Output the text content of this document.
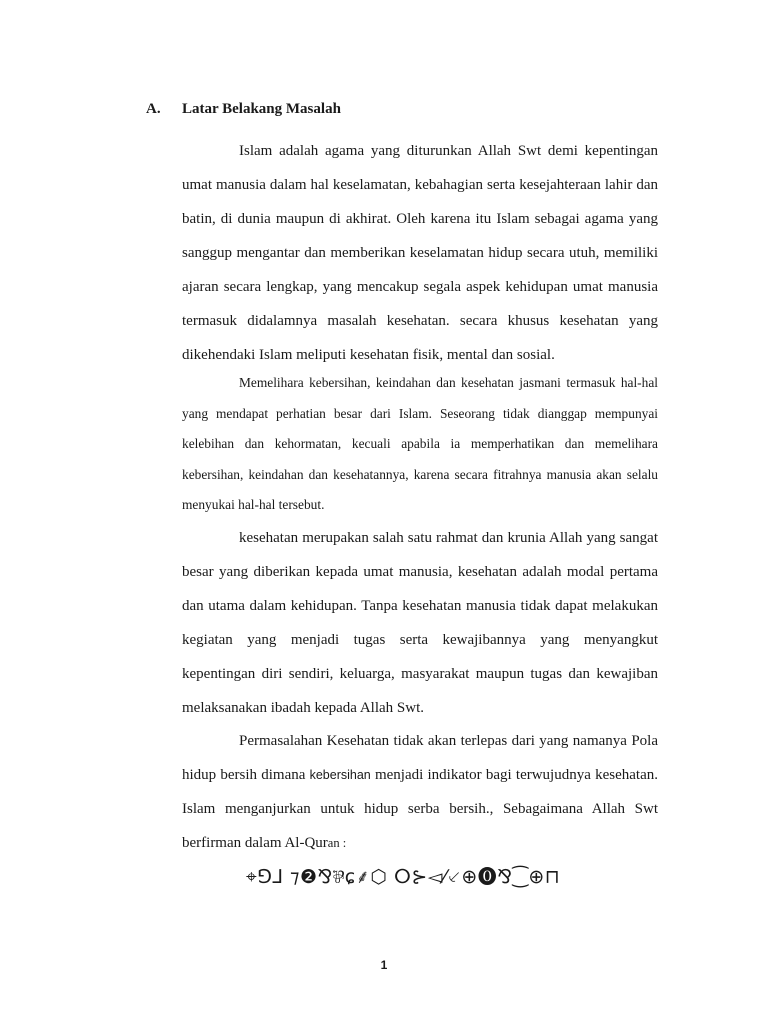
A. Latar Belakang Masalah

Islam adalah agama yang diturunkan Allah Swt demi kepentingan umat manusia dalam hal keselamatan, kebahagian serta kesejahteraan lahir dan batin, di dunia maupun di akhirat. Oleh karena itu Islam sebagai agama yang sanggup mengantar dan memberikan keselamatan hidup secara utuh, memiliki ajaran secara lengkap, yang mencakup segala aspek kehidupan umat manusia termasuk didalamnya masalah kesehatan. secara khusus kesehatan yang dikehendaki Islam meliputi kesehatan fisik, mental dan sosial.

Memelihara kebersihan, keindahan dan kesehatan jasmani termasuk hal-hal yang mendapat perhatian besar dari Islam. Seseorang tidak dianggap mempunyai kelebihan dan kehormatan, kecuali apabila ia memperhatikan dan memelihara kebersihan, keindahan dan kesehatannya, karena secara fitrahnya manusia akan selalu menyukai hal-hal tersebut.

kesehatan merupakan salah satu rahmat dan krunia Allah yang sangat besar yang diberikan kepada umat manusia, kesehatan adalah modal pertama dan utama dalam kehidupan. Tanpa kesehatan manusia tidak dapat melakukan kegiatan yang menjadi tugas serta kewajibannya yang menyangkut kepentingan diri sendiri, keluarga, masyarakat maupun tugas dan kewajiban melaksanakan ibadah kepada Allah Swt.

Permasalahan Kesehatan tidak akan terlepas dari yang namanya Pola hidup bersih dimana kebersihan menjadi indikator bagi terwujudnya kesehatan. Islam menganjurkan untuk hidup serba bersih., Sebagaimana Allah Swt berfirman dalam Al-Quran :

⌖⅁⅃ ⁊❷⅋⅌ɕ⸙⬡ ⵔ⊱◅⁄⸔⊕⓿⅋⁐⊕⊓
1
